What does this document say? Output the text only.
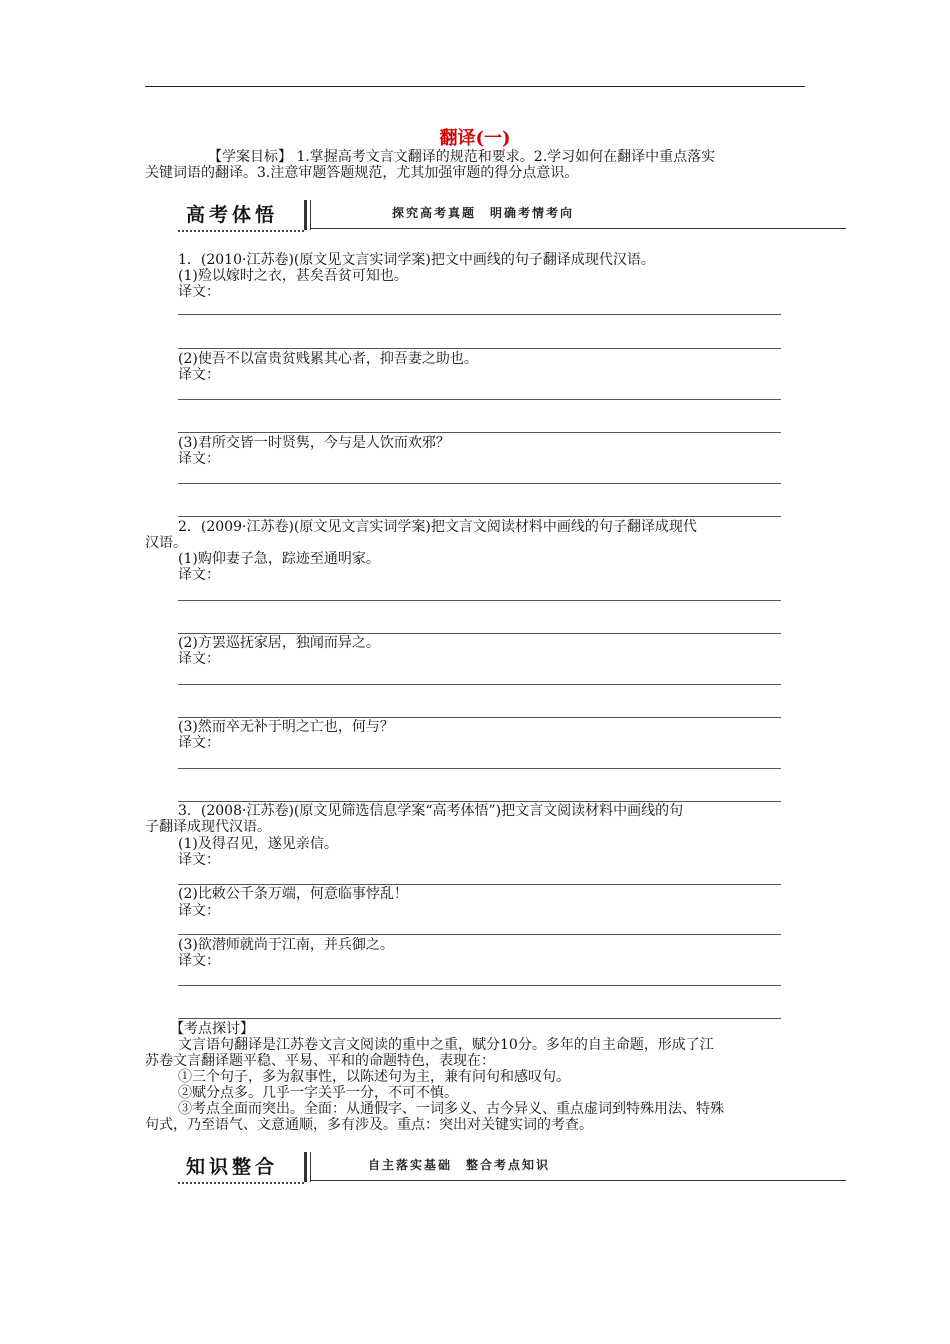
翻译(一)
【学案目标】 1.掌握高考文言文翻译的规范和要求。2.学习如何在翻译中重点落实
关键词语的翻译。3.注意审题答题规范，尤其加强审题的得分点意识。
高考体悟	探究高考真题　明确考情考向
1．(2010·江苏卷)(原文见文言实词学案)把文中画线的句子翻译成现代汉语。
(1)殓以嫁时之衣，甚矣吾贫可知也。
译文：
(2)使吾不以富贵贫贱累其心者，抑吾妻之助也。
译文：
(3)君所交皆一时贤隽，今与是人饮而欢邪？
译文：
2．(2009·江苏卷)(原文见文言实词学案)把文言文阅读材料中画线的句子翻译成现代
汉语。
(1)购仰妻子急，踪迹至通明家。
译文：
(2)方罢巡抚家居，独闻而异之。
译文：
(3)然而卒无补于明之亡也，何与？
译文：
3．(2008·江苏卷)(原文见筛选信息学案“高考体悟”)把文言文阅读材料中画线的句
子翻译成现代汉语。
(1)及得召见，遂见亲信。
译文：
(2)比敕公千条万端，何意临事悖乱！
译文：
(3)欲潜师就尚于江南，并兵御之。
译文：
【考点探讨】
文言语句翻译是江苏卷文言文阅读的重中之重，赋分10分。多年的自主命题，形成了江
苏卷文言翻译题平稳、平易、平和的命题特色，表现在：
①三个句子，多为叙事性，以陈述句为主，兼有问句和感叹句。
②赋分点多。几乎一字关乎一分，不可不慎。
③考点全面而突出。全面：从通假字、一词多义、古今异义、重点虚词到特殊用法、特殊
句式，乃至语气、文意通顺，多有涉及。重点：突出对关键实词的考查。
知识整合	自主落实基础　整合考点知识
